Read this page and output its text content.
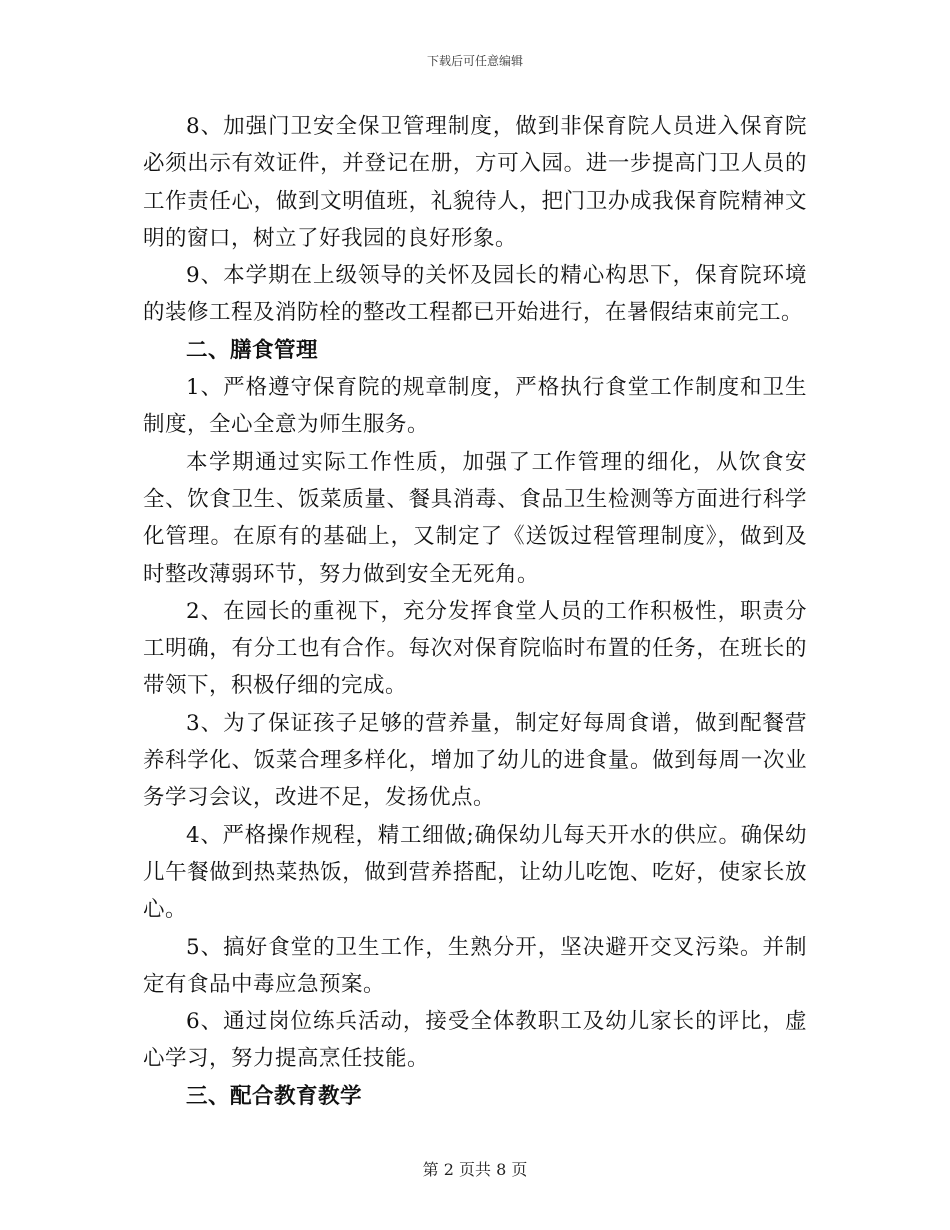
下载后可任意编辑

8、加强门卫安全保卫管理制度，做到非保育院人员进入保育院必须出示有效证件，并登记在册，方可入园。进一步提高门卫人员的工作责任心，做到文明值班，礼貌待人，把门卫办成我保育院精神文明的窗口，树立了好我园的良好形象。

9、本学期在上级领导的关怀及园长的精心构思下，保育院环境的装修工程及消防栓的整改工程都已开始进行，在暑假结束前完工。

二、膳食管理

1、严格遵守保育院的规章制度，严格执行食堂工作制度和卫生制度，全心全意为师生服务。

本学期通过实际工作性质，加强了工作管理的细化，从饮食安全、饮食卫生、饭菜质量、餐具消毒、食品卫生检测等方面进行科学化管理。在原有的基础上，又制定了《送饭过程管理制度》，做到及时整改薄弱环节，努力做到安全无死角。

2、在园长的重视下，充分发挥食堂人员的工作积极性，职责分工明确，有分工也有合作。每次对保育院临时布置的任务，在班长的带领下，积极仔细的完成。

3、为了保证孩子足够的营养量，制定好每周食谱，做到配餐营养科学化、饭菜合理多样化，增加了幼儿的进食量。做到每周一次业务学习会议，改进不足，发扬优点。

4、严格操作规程，精工细做;确保幼儿每天开水的供应。确保幼儿午餐做到热菜热饭，做到营养搭配，让幼儿吃饱、吃好，使家长放心。

5、搞好食堂的卫生工作，生熟分开，坚决避开交叉污染。并制定有食品中毒应急预案。

6、通过岗位练兵活动，接受全体教职工及幼儿家长的评比，虚心学习，努力提高烹任技能。

三、配合教育教学

第 2 页共 8 页
